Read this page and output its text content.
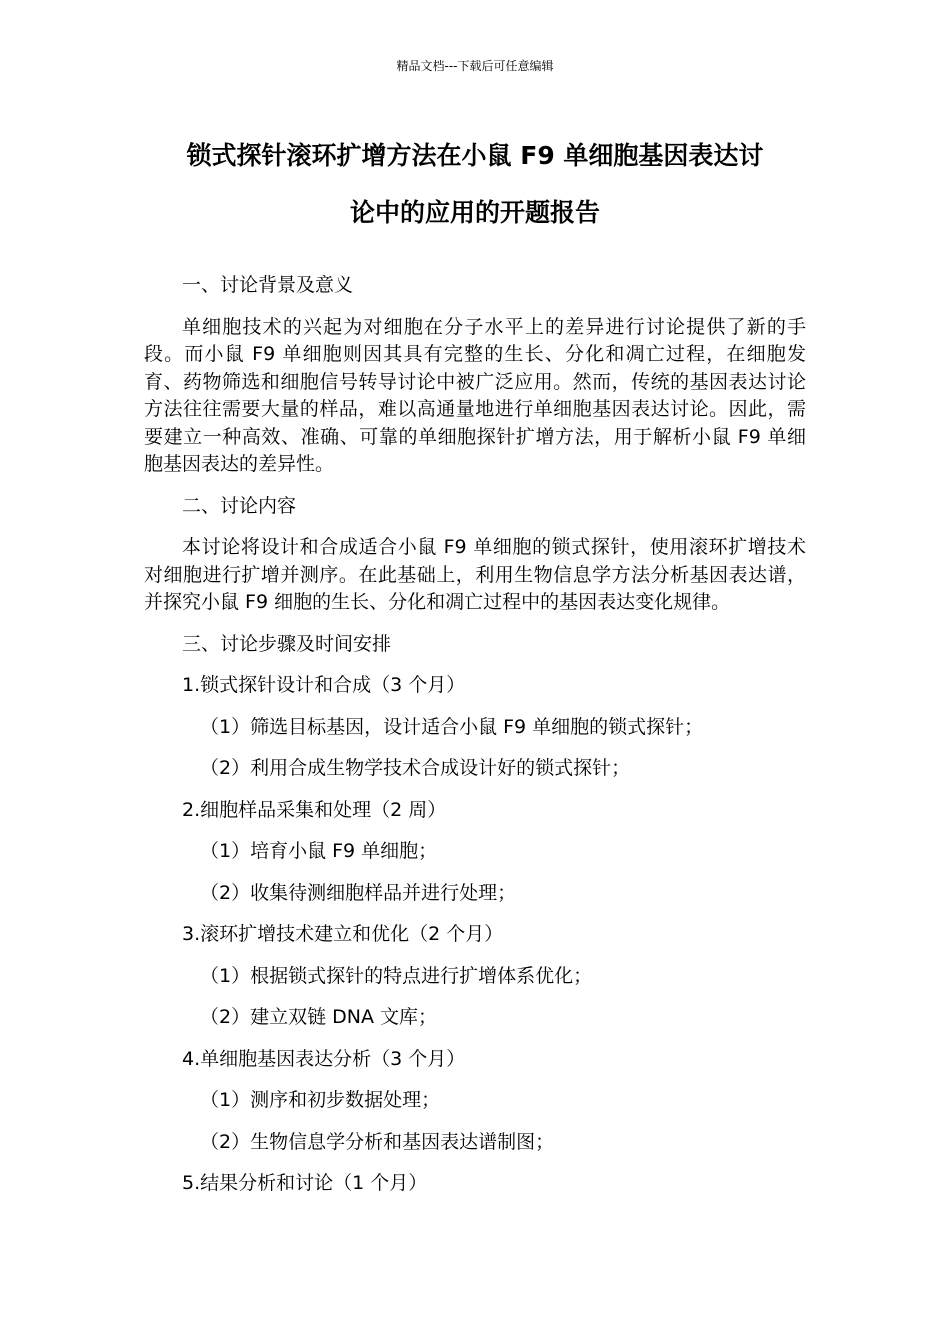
精品文档---下载后可任意编辑
锁式探针滚环扩增方法在小鼠 F9 单细胞基因表达讨
论中的应用的开题报告

一、讨论背景及意义

单细胞技术的兴起为对细胞在分子水平上的差异进行讨论提供了新的手段。而小鼠 F9 单细胞则因其具有完整的生长、分化和凋亡过程，在细胞发育、药物筛选和细胞信号转导讨论中被广泛应用。然而，传统的基因表达讨论方法往往需要大量的样品，难以高通量地进行单细胞基因表达讨论。因此，需要建立一种高效、准确、可靠的单细胞探针扩增方法，用于解析小鼠 F9 单细胞基因表达的差异性。

二、讨论内容

本讨论将设计和合成适合小鼠 F9 单细胞的锁式探针，使用滚环扩增技术对细胞进行扩增并测序。在此基础上，利用生物信息学方法分析基因表达谱，并探究小鼠 F9 细胞的生长、分化和凋亡过程中的基因表达变化规律。

三、讨论步骤及时间安排

1.锁式探针设计和合成（3 个月）

（1）筛选目标基因，设计适合小鼠 F9 单细胞的锁式探针；

（2）利用合成生物学技术合成设计好的锁式探针；

2.细胞样品采集和处理（2 周）

（1）培育小鼠 F9 单细胞；

（2）收集待测细胞样品并进行处理；

3.滚环扩增技术建立和优化（2 个月）

（1）根据锁式探针的特点进行扩增体系优化；

（2）建立双链 DNA 文库；

4.单细胞基因表达分析（3 个月）

（1）测序和初步数据处理；

（2）生物信息学分析和基因表达谱制图；

5.结果分析和讨论（1 个月）
